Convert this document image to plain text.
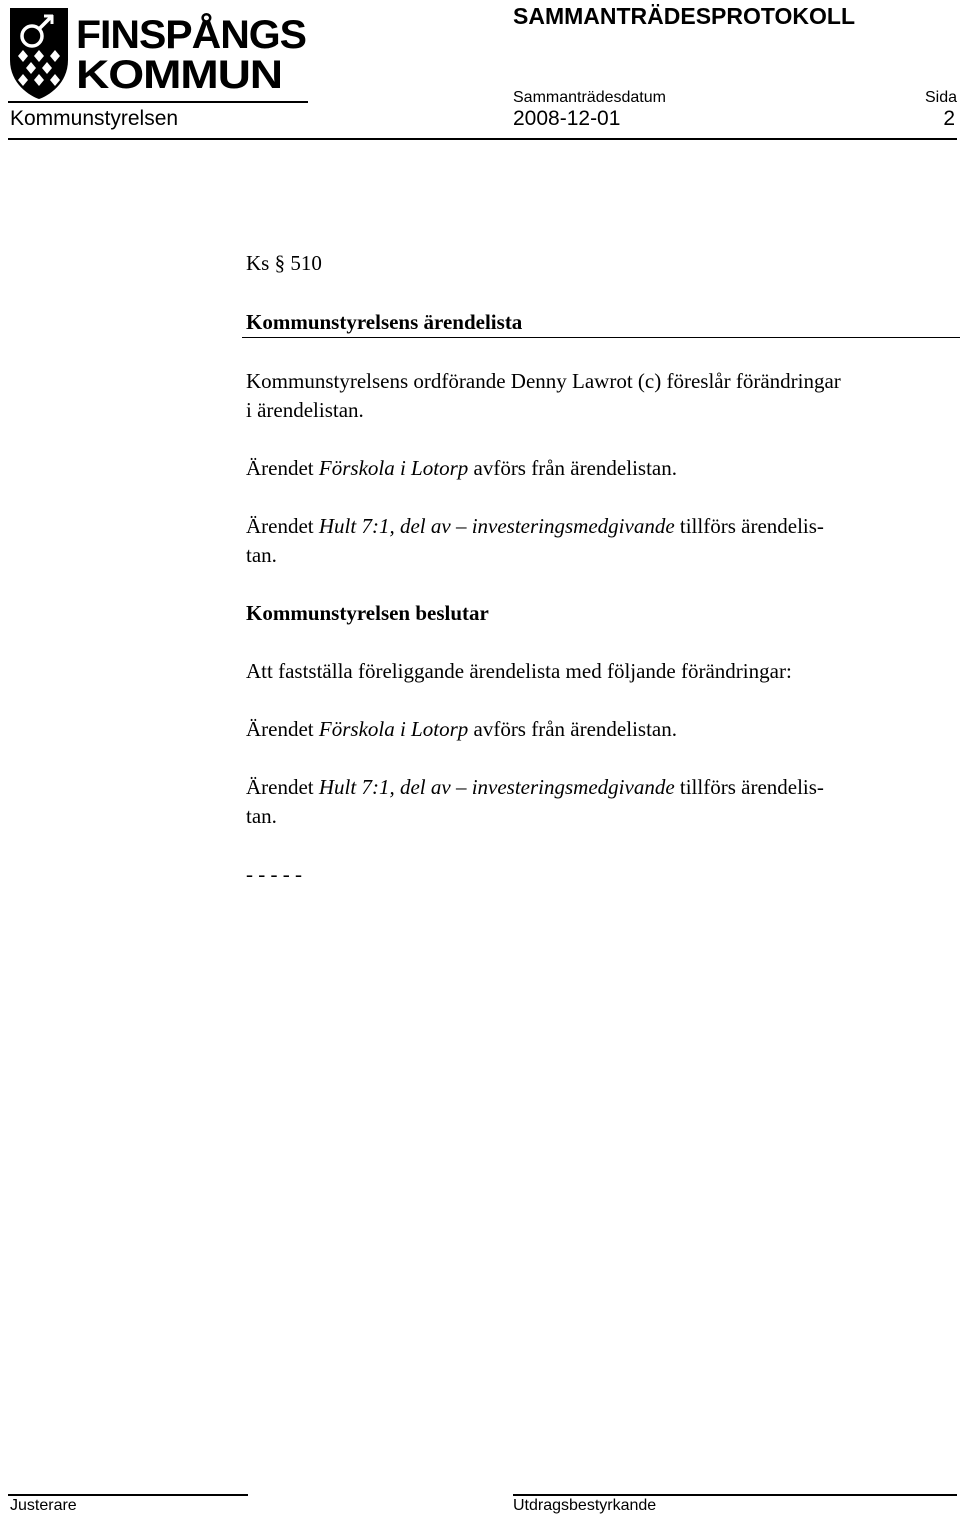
FINSPÅNGS
KOMMUN
Kommunstyrelsen
SAMMANTRÄDESPROTOKOLL
Sammanträdesdatum	Sida
2008-12-01	2

Ks § 510

Kommunstyrelsens ärendelista

Kommunstyrelsens ordförande Denny Lawrot (c) föreslår förändringar
i ärendelistan.

Ärendet Förskola i Lotorp avförs från ärendelistan.

Ärendet Hult 7:1, del av – investeringsmedgivande tillförs ärendelis-
tan.

Kommunstyrelsen beslutar

Att fastställa föreliggande ärendelista med följande förändringar:

Ärendet Förskola i Lotorp avförs från ärendelistan.

Ärendet Hult 7:1, del av – investeringsmedgivande tillförs ärendelis-
tan.

- - - - -

Justerare	Utdragsbestyrkande
